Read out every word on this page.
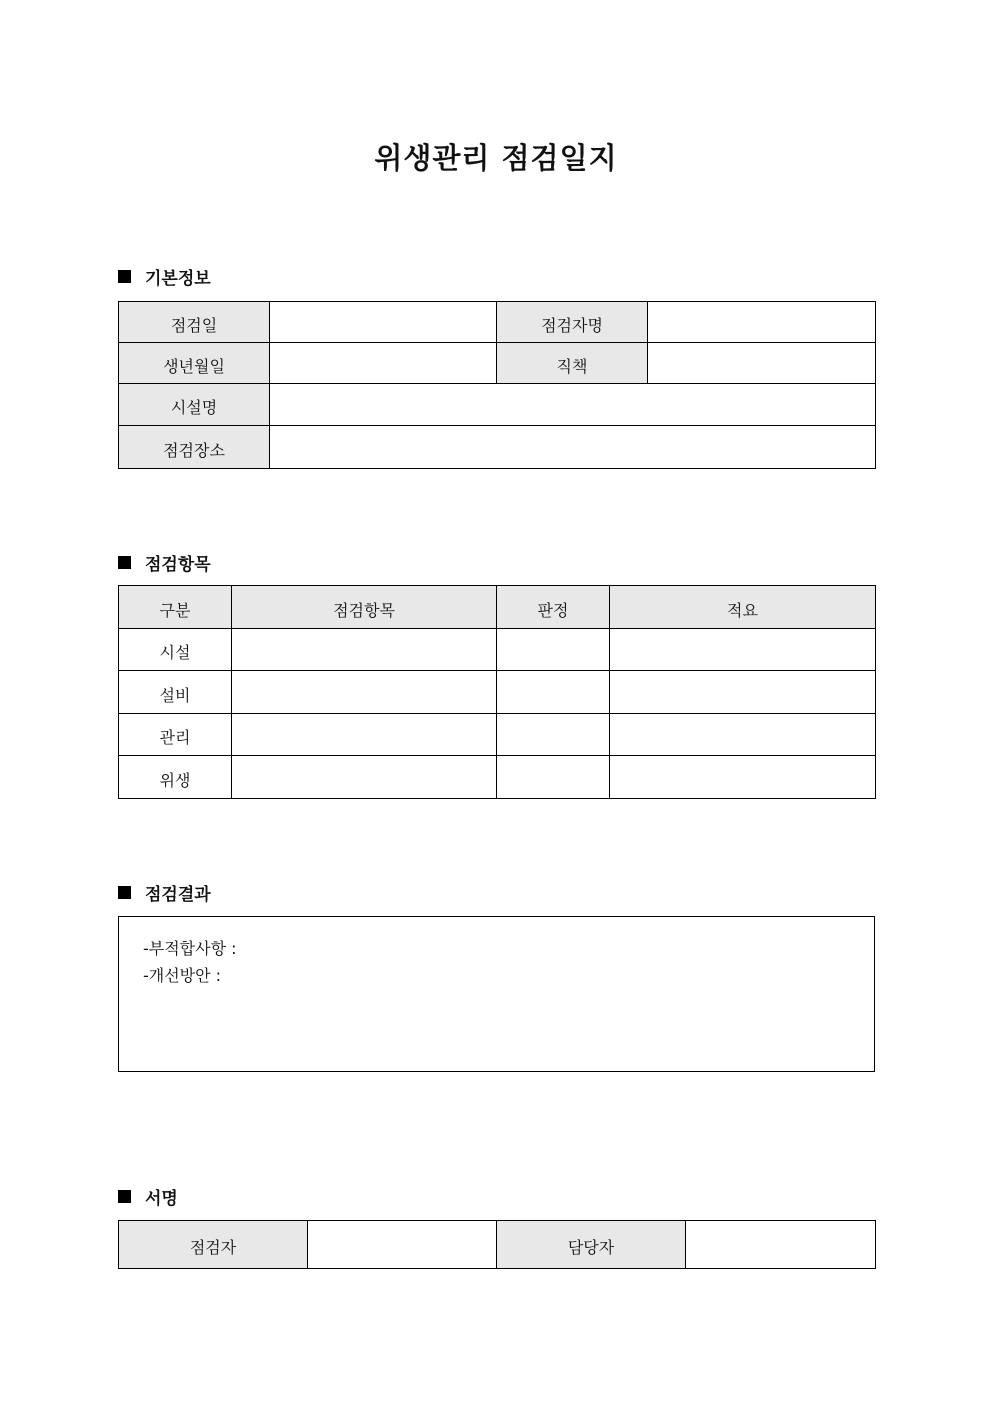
위생관리 점검일지
기본정보
점검일		점검자명	
생년월일		직책	
시설명			
점검장소			
점검항목
구분	점검항목	판정	적요
시설			
설비			
관리			
위생			
점검결과
-부적합사항 :
-개선방안 :
서명
점검자		담당자	
